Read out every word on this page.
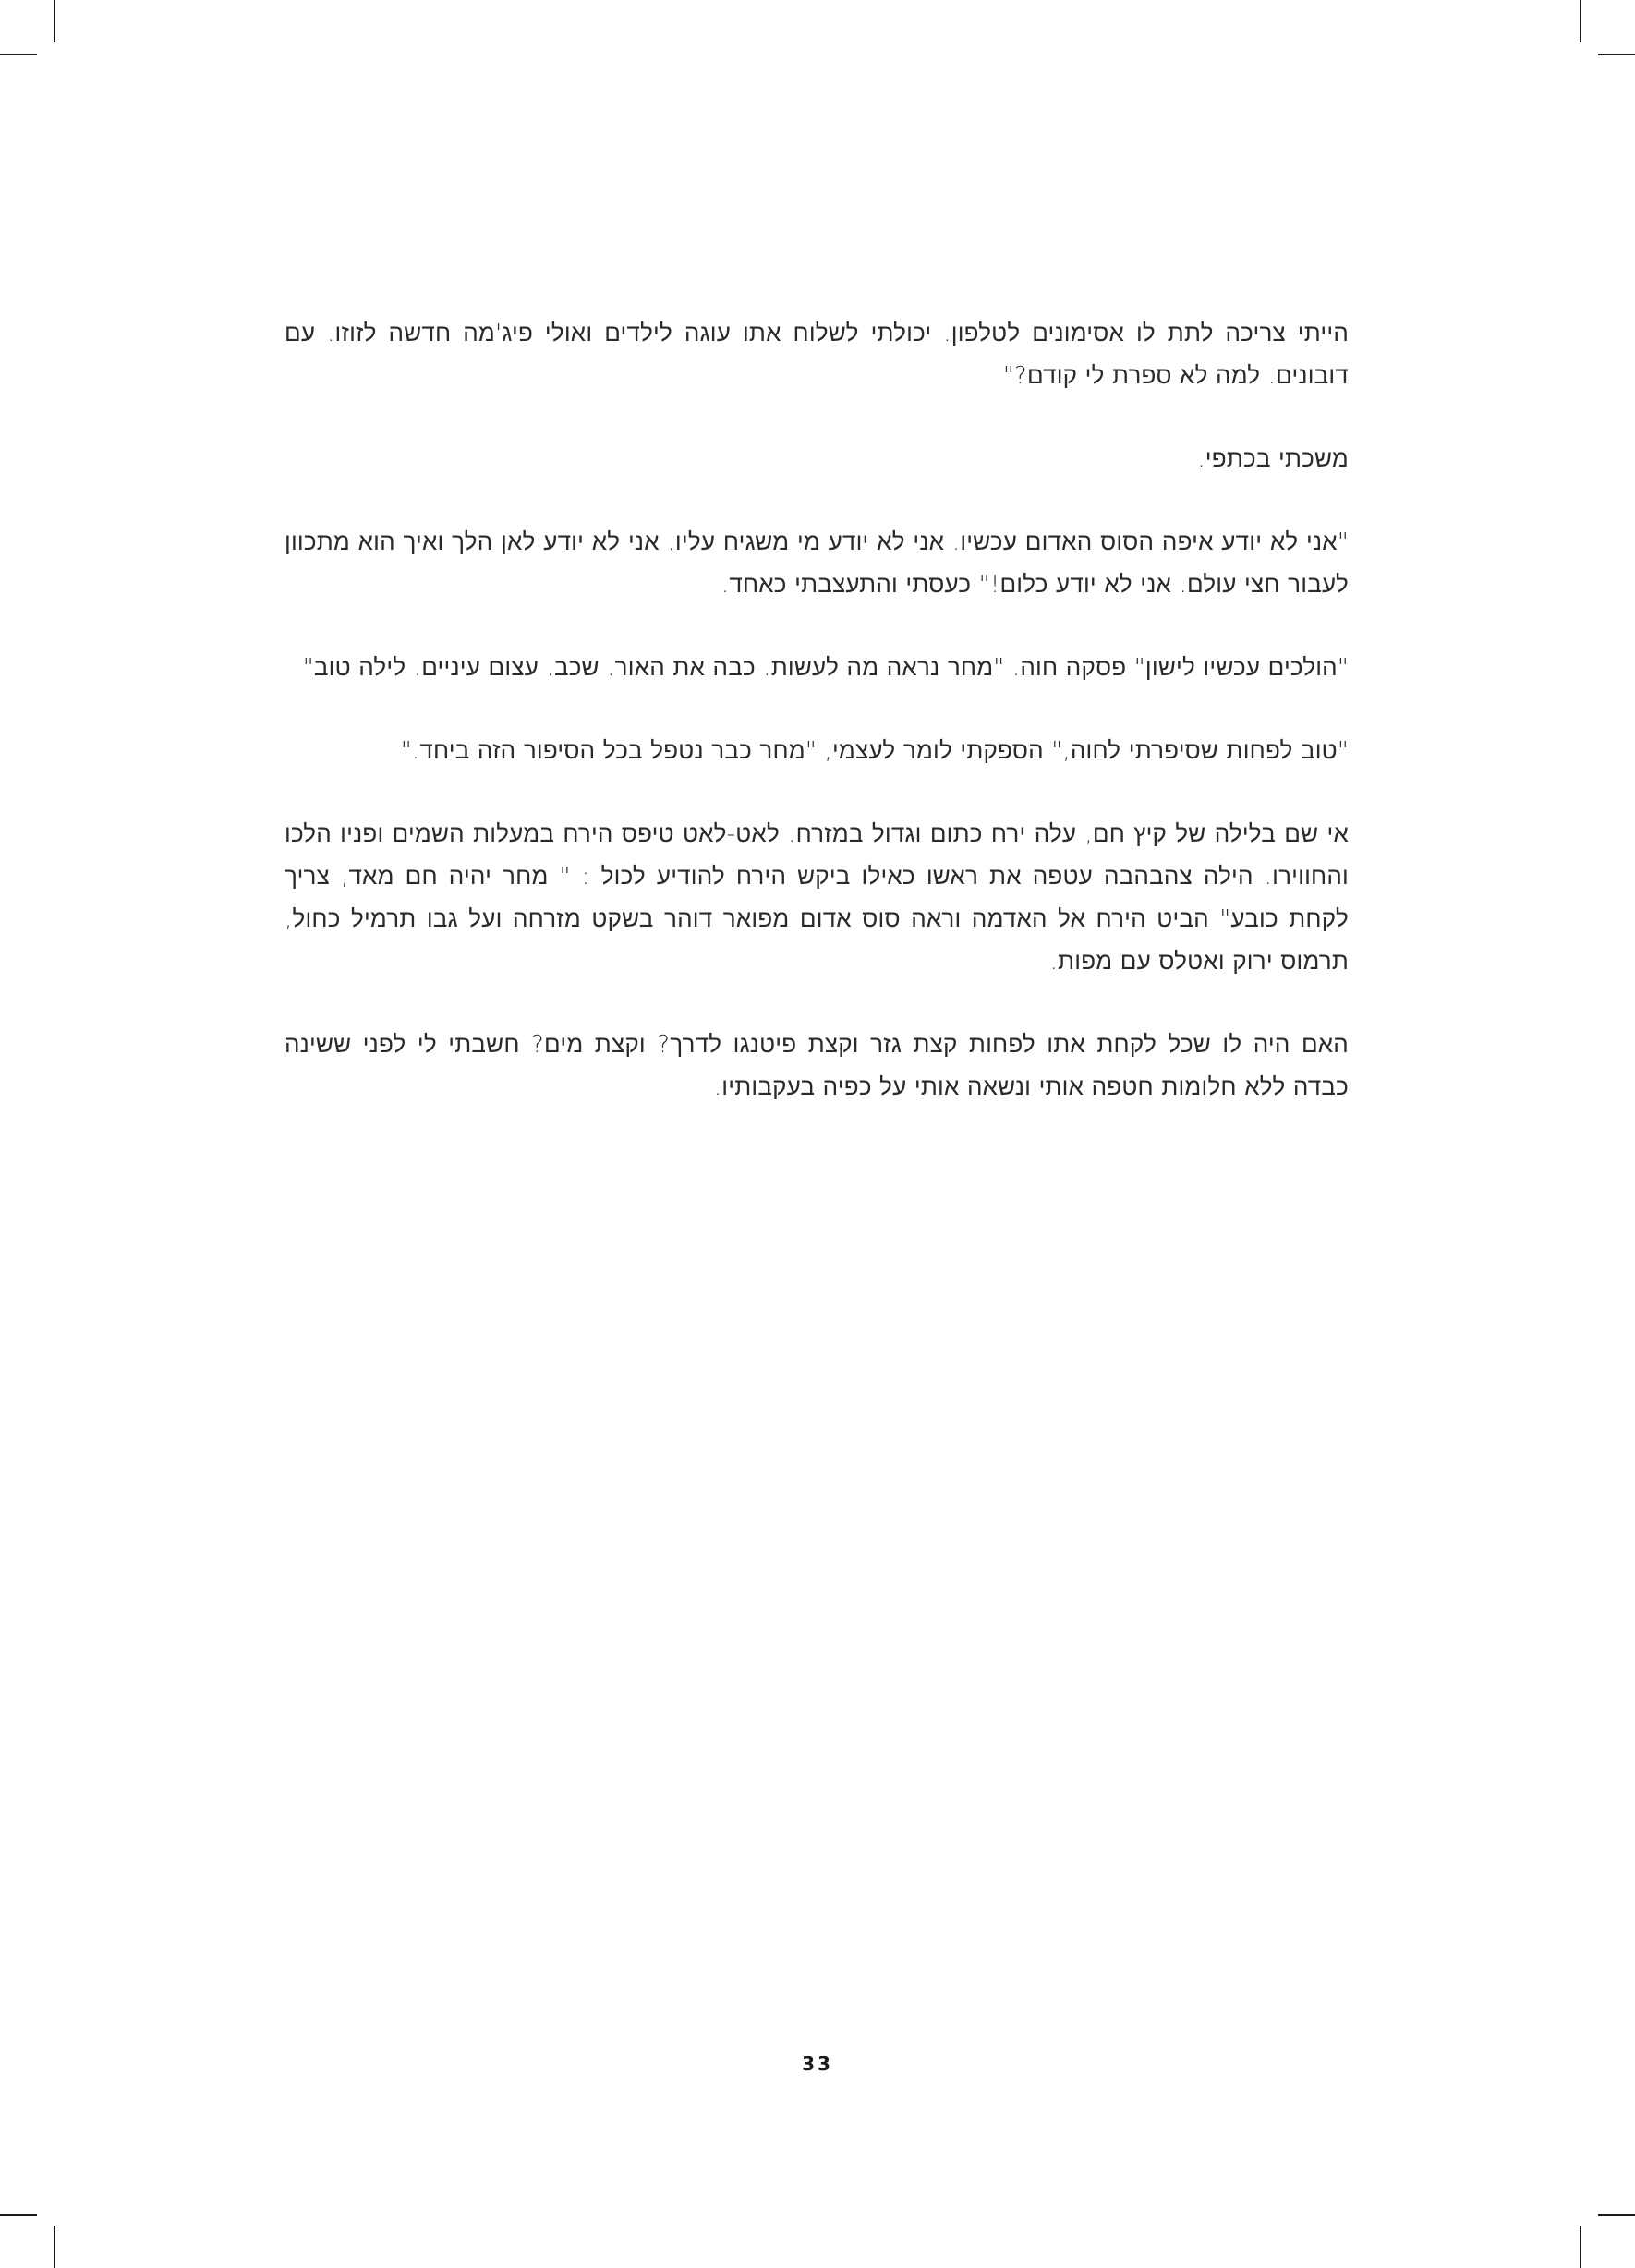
הייתי צריכה לתת לו אסימונים לטלפון. יכולתי לשלוח אתו עוגה לילדים ואולי פיג'מה חדשה לזוזו. עם דובונים. למה לא ספרת לי קודם?"

משכתי בכתפי.

"אני לא יודע איפה הסוס האדום עכשיו. אני לא יודע מי משגיח עליו. אני לא יודע לאן הלך ואיך הוא מתכוון לעבור חצי עולם. אני לא יודע כלום!" כעסתי והתעצבתי כאחד.

"הולכים עכשיו לישון" פסקה חוה. "מחר נראה מה לעשות. כבה את האור. שכב. עצום עיניים. לילה טוב"

"טוב לפחות שסיפרתי לחוה," הספקתי לומר לעצמי, "מחר כבר נטפל בכל הסיפור הזה ביחד."

אי שם בלילה של קיץ חם, עלה ירח כתום וגדול במזרח. לאט-לאט טיפס הירח במעלות השמים ופניו הלכו והחווירו. הילה צהבהבה עטפה את ראשו כאילו ביקש הירח להודיע לכול : " מחר יהיה חם מאד, צריך לקחת כובע" הביט הירח אל האדמה וראה סוס אדום מפואר דוהר בשקט מזרחה ועל גבו תרמיל כחול, תרמוס ירוק ואטלס עם מפות.

האם היה לו שכל לקחת אתו לפחות קצת גזר וקצת פיטנגו לדרך? וקצת מים? חשבתי לי לפני ששינה כבדה ללא חלומות חטפה אותי ונשאה אותי על כפיה בעקבותיו.

33
